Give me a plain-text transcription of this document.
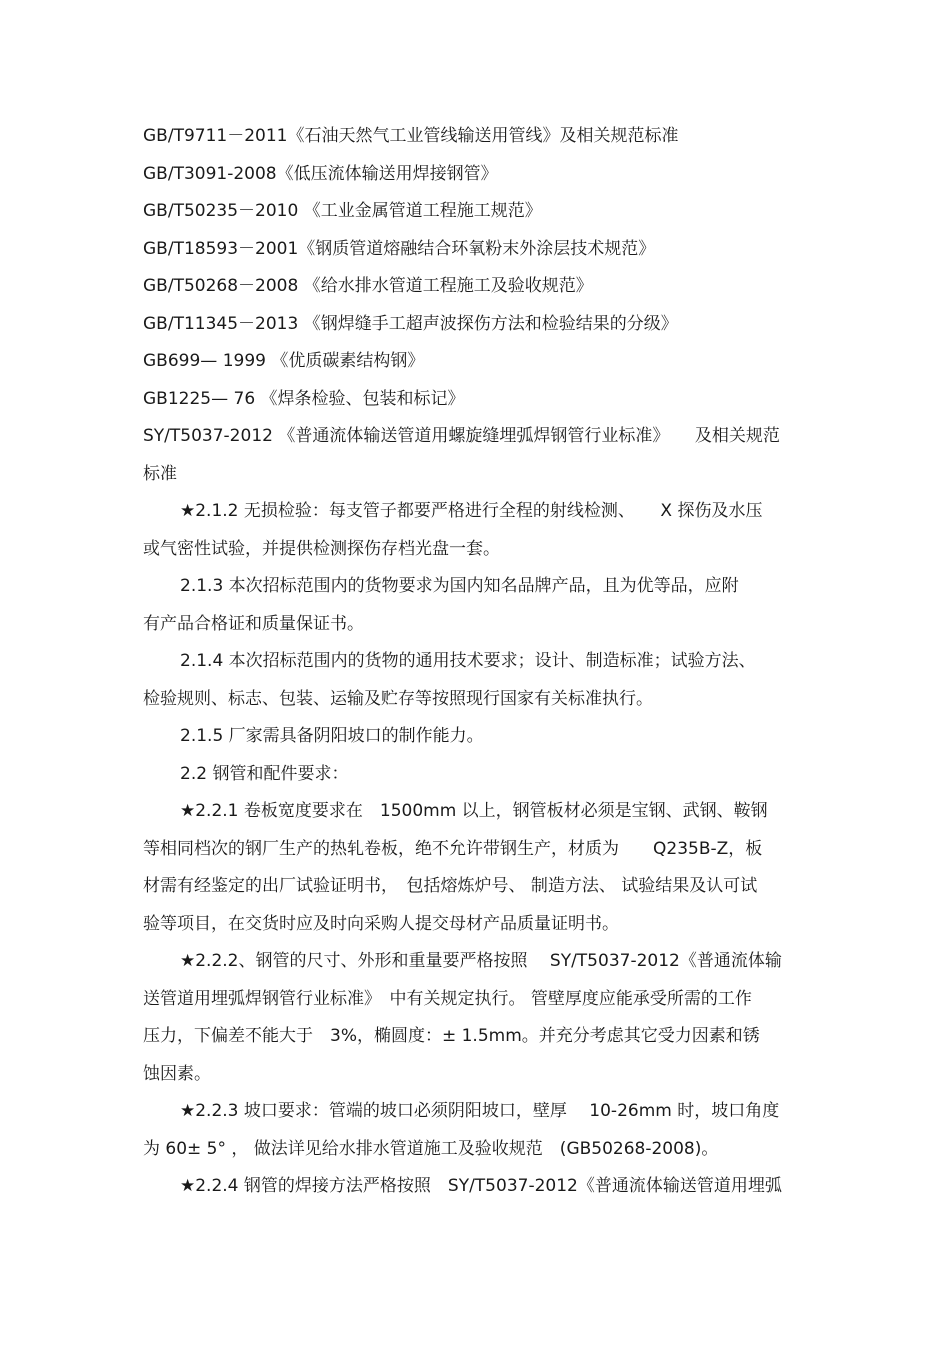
GB/T9711－2011《石油天然气工业管线输送用管线》及相关规范标准

GB/T3091-2008《低压流体输送用焊接钢管》

GB/T50235－2010 《工业金属管道工程施工规范》

GB/T18593－2001《钢质管道熔融结合环氧粉末外涂层技术规范》

GB/T50268－2008 《给水排水管道工程施工及验收规范》

GB/T11345－2013 《钢焊缝手工超声波探伤方法和检验结果的分级》

GB699— 1999 《优质碳素结构钢》

GB1225— 76 《焊条检验、包装和标记》

SY/T5037-2012 《普通流体输送管道用螺旋缝埋弧焊钢管行业标准》　　及相关规范

标准

★2.1.2 无损检验：每支管子都要严格进行全程的射线检测、　　X 探伤及水压

或气密性试验，并提供检测探伤存档光盘一套。

2.1.3 本次招标范围内的货物要求为国内知名品牌产品，且为优等品，应附

有产品合格证和质量保证书。

2.1.4 本次招标范围内的货物的通用技术要求；设计、制造标准；试验方法、

检验规则、标志、包装、运输及贮存等按照现行国家有关标准执行。

2.1.5 厂家需具备阴阳坡口的制作能力。

2.2 钢管和配件要求：

★2.2.1 卷板宽度要求在　1500mm 以上，钢管板材必须是宝钢、武钢、鞍钢

等相同档次的钢厂生产的热轧卷板，绝不允许带钢生产，材质为　　Q235B-Z，板

材需有经鉴定的出厂试验证明书，　包括熔炼炉号、 制造方法、 试验结果及认可试

验等项目，在交货时应及时向采购人提交母材产品质量证明书。

★2.2.2、钢管的尺寸、外形和重量要严格按照　 SY/T5037-2012《普通流体输

送管道用埋弧焊钢管行业标准》　中有关规定执行。 管壁厚度应能承受所需的工作

压力，下偏差不能大于　3%，椭圆度：± 1.5mm。并充分考虑其它受力因素和锈

蚀因素。

★2.2.3 坡口要求：管端的坡口必须阴阳坡口，壁厚　 10-26mm 时，坡口角度

为 60± 5° ， 做法详见给水排水管道施工及验收规范　(GB50268-2008)。

★2.2.4 钢管的焊接方法严格按照　SY/T5037-2012《普通流体输送管道用埋弧
